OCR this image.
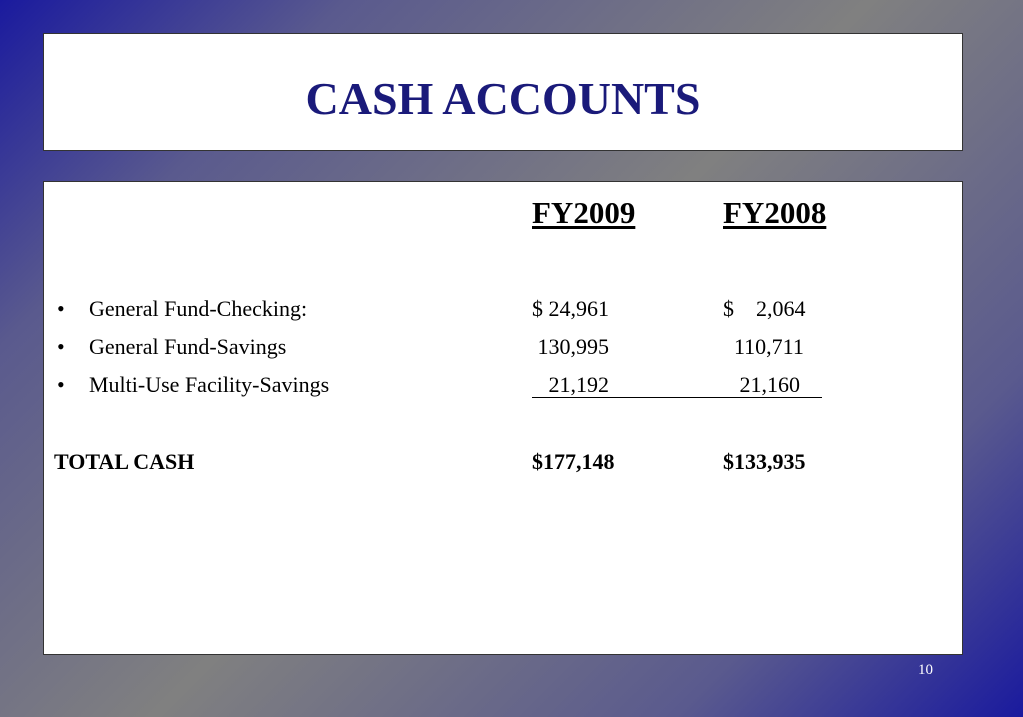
CASH ACCOUNTS
FY2009	FY2008
• General Fund-Checking:	$ 24,961	$    2,064
• General Fund-Savings	130,995	110,711
• Multi-Use Facility-Savings	21,192	21,160
TOTAL CASH	$177,148	$133,935
10
